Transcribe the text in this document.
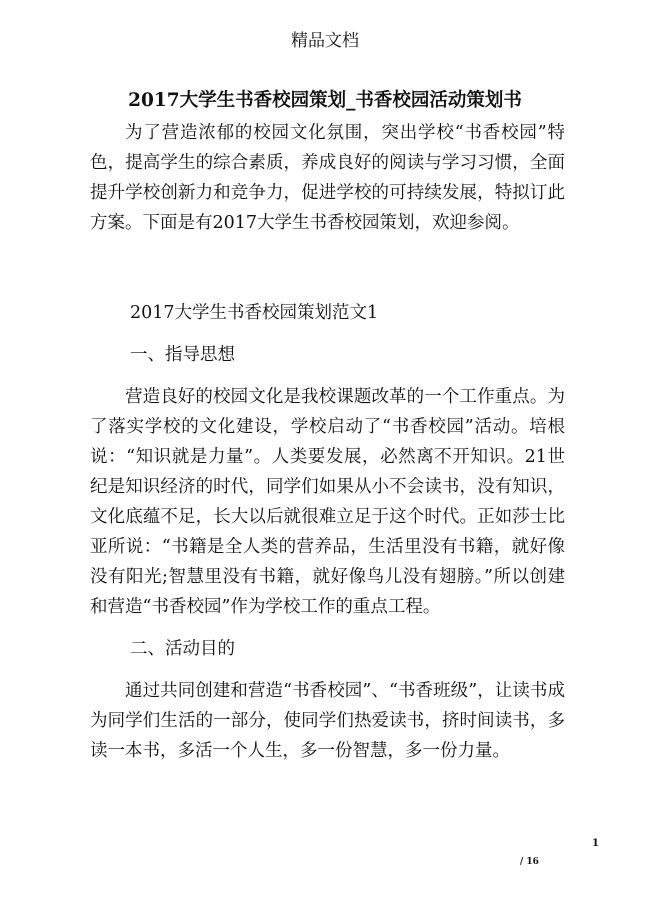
精品文档
2017大学生书香校园策划_书香校园活动策划书

为了营造浓郁的校园文化氛围，突出学校“书香校园”特色，提高学生的综合素质，养成良好的阅读与学习习惯，全面提升学校创新力和竞争力，促进学校的可持续发展，特拟订此方案。下面是有2017大学生书香校园策划，欢迎参阅。

2017大学生书香校园策划范文1

一、指导思想

营造良好的校园文化是我校课题改革的一个工作重点。为了落实学校的文化建设，学校启动了“书香校园”活动。培根说：“知识就是力量”。人类要发展，必然离不开知识。21世纪是知识经济的时代，同学们如果从小不会读书，没有知识，文化底蕴不足，长大以后就很难立足于这个时代。正如莎士比亚所说：“书籍是全人类的营养品，生活里没有书籍，就好像没有阳光;智慧里没有书籍，就好像鸟儿没有翅膀。”所以创建和营造“书香校园”作为学校工作的重点工程。

二、活动目的

通过共同创建和营造“书香校园”、“书香班级”，让读书成为同学们生活的一部分，使同学们热爱读书，挤时间读书，多读一本书，多活一个人生，多一份智慧，多一份力量。

1
/ 16
